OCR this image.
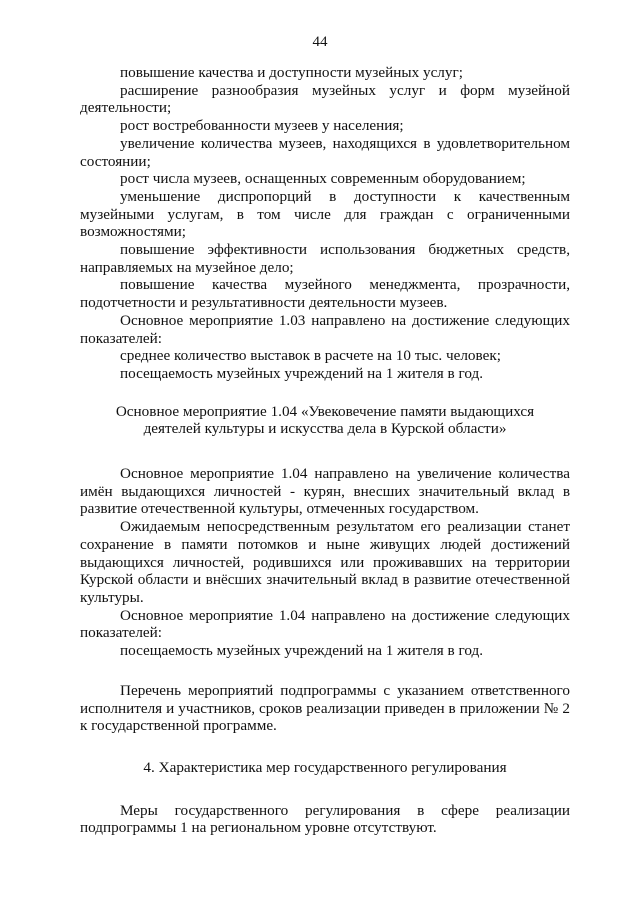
44

повышение качества и доступности музейных услуг;

расширение разнообразия музейных услуг и форм музейной деятельности;

рост востребованности музеев у населения;

увеличение количества музеев, находящихся в удовлетворительном состоянии;

рост числа музеев, оснащенных современным оборудованием;

уменьшение диспропорций в доступности к качественным музейными услугам, в том числе для граждан с ограниченными возможностями;

повышение эффективности использования бюджетных средств, направляемых на музейное дело;

повышение качества музейного менеджмента, прозрачности, подотчетности и результативности деятельности музеев.

Основное мероприятие 1.03 направлено на достижение следующих показателей:

среднее количество выставок в расчете на 10 тыс. человек;

посещаемость музейных учреждений на 1 жителя в год.

Основное мероприятие 1.04 «Увековечение памяти выдающихся деятелей культуры и искусства дела в Курской области»

Основное мероприятие 1.04 направлено на увеличение количества имён выдающихся личностей - курян, внесших значительный вклад в развитие отечественной культуры, отмеченных государством.

Ожидаемым непосредственным результатом его реализации станет сохранение в памяти потомков и ныне живущих людей достижений выдающихся личностей, родившихся или проживавших на территории Курской области и внёсших значительный вклад в развитие отечественной культуры.

Основное мероприятие 1.04 направлено на достижение следующих показателей:

посещаемость музейных учреждений на 1 жителя в год.

Перечень мероприятий подпрограммы с указанием ответственного исполнителя и участников, сроков реализации приведен в приложении № 2 к государственной программе.

4. Характеристика мер государственного регулирования

Меры государственного регулирования в сфере реализации подпрограммы 1 на региональном уровне отсутствуют.
